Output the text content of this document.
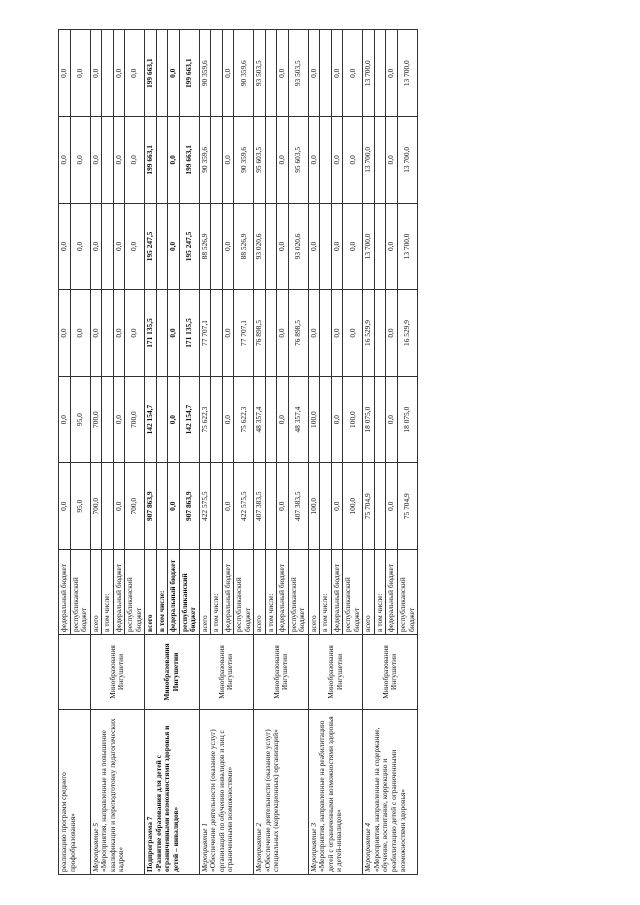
реализацию программ среднего профобразования»		федеральный бюджет	0,0	0,0	0,0	0,0	0,0	0,0
		республиканский бюджет	95,0	95,0	0,0	0,0	0,0	0,0

Мероприятие 5 «Мероприятия, направленные на повышение квалификации и переподготовку педагогических кадров»	Минобразования Ингушетии	всего	700,0	700,0	0,0	0,0	0,0	0,0
		в том числе:						
		федеральный бюджет	0,0	0,0	0,0	0,0	0,0	0,0
		республиканский бюджет	700,0	700,0	0,0	0,0	0,0	0,0

Подпрограмма 7 «Развитие образования для детей с ограниченными возможностями здоровья и детей – инвалидов»	Минобразования Ингушетии	всего	907 863,9	142 154,7	171 135,5	195 247,5	199 663,1	199 663,1
		в том числе:						
		федеральный бюджет	0,0	0,0	0,0	0,0	0,0	0,0
		республиканский бюджет	907 863,9	142 154,7	171 135,5	195 247,5	199 663,1	199 663,1

Мероприятие 1 «Обеспечение деятельности (оказание услуг) организаций по обучению инвалидов и лиц с ограниченными возможностями»	Минобразования Ингушетии	всего	422 575,5	75 622,3	77 707,1	88 526,9	90 359,6	90 359,6
		в том числе:						
		федеральный бюджет	0,0	0,0	0,0	0,0	0,0	0,0
		республиканский бюджет	422 575,5	75 622,3	77 707,1	88 526,9	90 359,6	90 359,6

Мероприятие 2 «Обеспечение деятельности (оказание услуг) специальных (коррекционных) организаций»	Минобразования Ингушетии	всего	407 383,5	48 357,4	76 898,5	93 020,6	95 603,5	93 503,5
		в том числе:						
		федеральный бюджет	0,0	0,0	0,0	0,0	0,0	0,0
		республиканский бюджет	407 383,5	48 357,4	76 898,5	93 020,6	95 603,5	93 503,5

Мероприятие 3 «Мероприятия, направленные на реабилитацию детей с ограниченными возможностями здоровья и детей-инвалидов»	Минобразования Ингушетии	всего	100,0	100,0	0,0	0,0	0,0	0,0
		в том числе:						
		федеральный бюджет	0,0	0,0	0,0	0,0	0,0	0,0
		республиканский бюджет	100,0	100,0	0,0	0,0	0,0	0,0

Мероприятие 4 «Мероприятия, направленные на содержание, обучение, воспитание, коррекцию и реабилитацию детей с ограниченными возможностями здоровья»	Минобразования Ингушетии	всего	75 704,9	18 075,0	16 529,9	13 700,0	13 700,0	13 700,0
		в том числе:						
		федеральный бюджет	0,0	0,0	0,0	0,0	0,0	0,0
		республиканский бюджет	75 704,9	18 075,0	16 529,9	13 700,0	13 700,0	13 700,0
